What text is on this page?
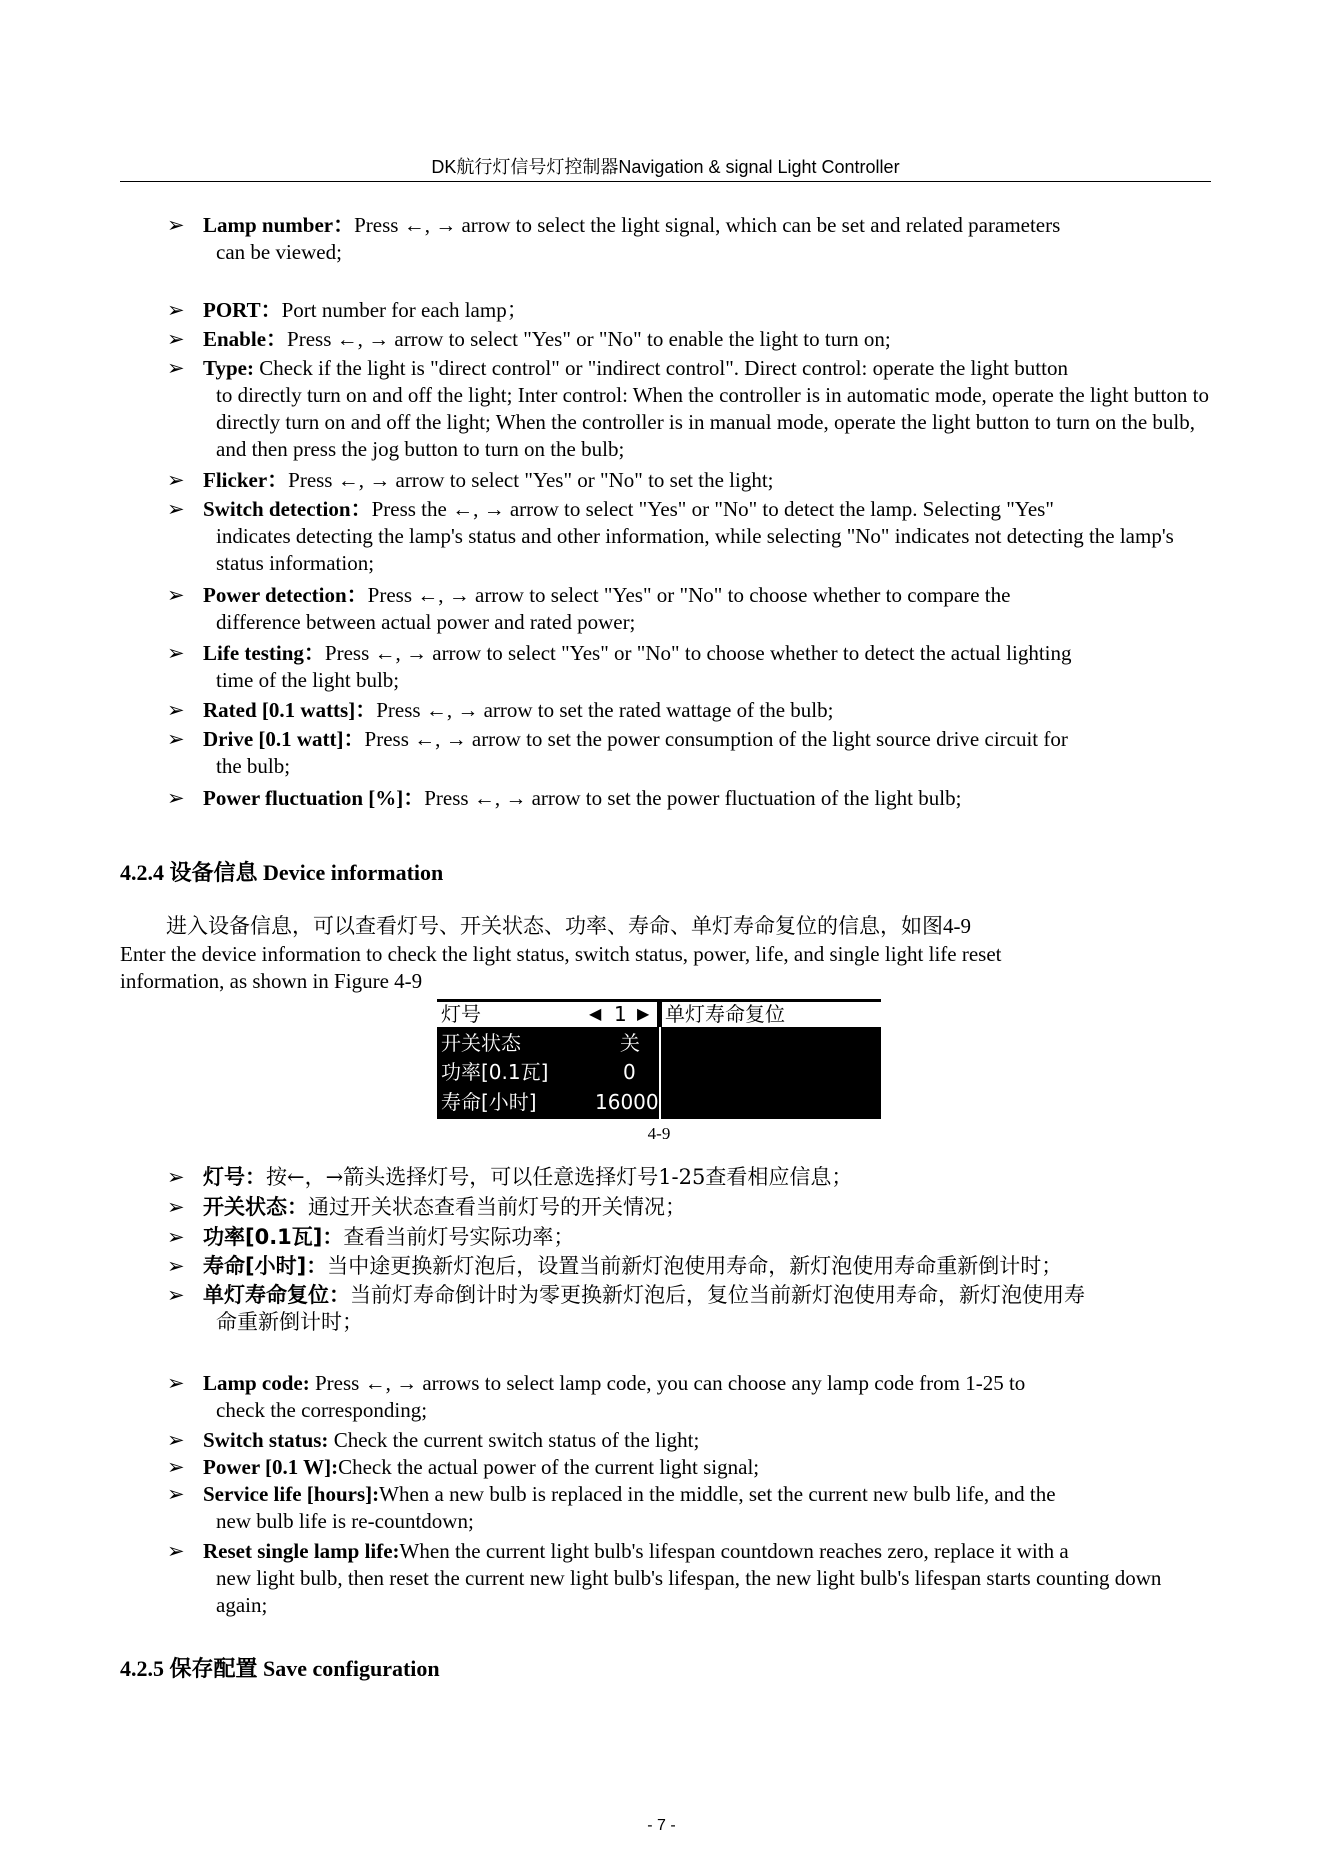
DK航行灯信号灯控制器Navigation & signal Light Controller
➢ Lamp number：Press ←, → arrow to select the light signal, which can be set and related parameters
can be viewed;
➢ PORT：Port number for each lamp；
➢ Enable：Press ←, → arrow to select "Yes" or "No" to enable the light to turn on;
➢ Type: Check if the light is "direct control" or "indirect control". Direct control: operate the light button
to directly turn on and off the light; Inter control: When the controller is in automatic mode, operate the light button to directly turn on and off the light; When the controller is in manual mode, operate the light button to turn on the bulb, and then press the jog button to turn on the bulb;
➢ Flicker：Press ←, → arrow to select "Yes" or "No" to set the light;
➢ Switch detection：Press the ←, → arrow to select "Yes" or "No" to detect the lamp. Selecting "Yes"
indicates detecting the lamp's status and other information, while selecting "No" indicates not detecting the lamp's status information;
➢ Power detection：Press ←, → arrow to select "Yes" or "No" to choose whether to compare the
difference between actual power and rated power;
➢ Life testing：Press ←, → arrow to select "Yes" or "No" to choose whether to detect the actual lighting
time of the light bulb;
➢ Rated [0.1 watts]：Press ←, → arrow to set the rated wattage of the bulb;
➢ Drive [0.1 watt]：Press ←, → arrow to set the power consumption of the light source drive circuit for
the bulb;
➢ Power fluctuation [%]：Press ←, → arrow to set the power fluctuation of the light bulb;
4.2.4 设备信息 Device information
进入设备信息，可以查看灯号、开关状态、功率、寿命、单灯寿命复位的信息，如图4-9
Enter the device information to check the light status, switch status, power, life, and single light life reset
information, as shown in Figure 4-9
灯号	◀ 1 ▶ 单灯寿命复位
开关状态	关
功率[0.1瓦]	0
寿命[小时]	16000
4-9
➢ 灯号：按←，→箭头选择灯号，可以任意选择灯号1-25查看相应信息；
➢ 开关状态：通过开关状态查看当前灯号的开关情况；
➢ 功率[0.1瓦]：查看当前灯号实际功率；
➢ 寿命[小时]：当中途更换新灯泡后，设置当前新灯泡使用寿命，新灯泡使用寿命重新倒计时；
➢ 单灯寿命复位：当前灯寿命倒计时为零更换新灯泡后，复位当前新灯泡使用寿命，新灯泡使用寿
命重新倒计时；
➢ Lamp code: Press ←, → arrows to select lamp code, you can choose any lamp code from 1-25 to
check the corresponding;
➢ Switch status: Check the current switch status of the light;
➢ Power [0.1 W]:Check the actual power of the current light signal;
➢ Service life [hours]:When a new bulb is replaced in the middle, set the current new bulb life, and the
new bulb life is re-countdown;
➢ Reset single lamp life:When the current light bulb's lifespan countdown reaches zero, replace it with a
new light bulb, then reset the current new light bulb's lifespan, the new light bulb's lifespan starts counting down again;
4.2.5 保存配置 Save configuration
- 7 -
